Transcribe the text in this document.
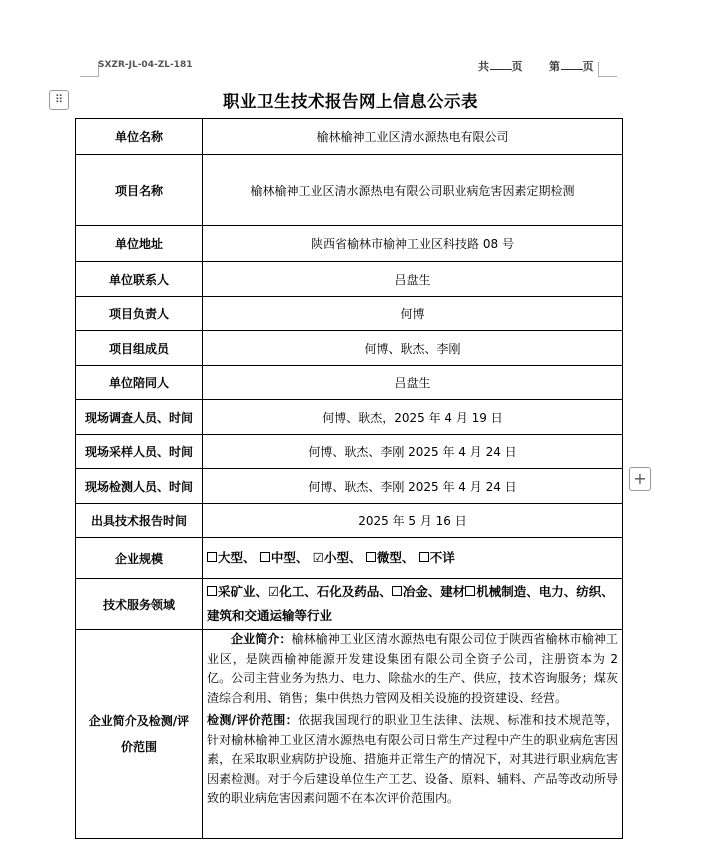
SXZR-JL-04-ZL-181	共 页 第 页
⠿
+
职业卫生技术报告网上信息公示表
单位名称	榆林榆神工业区清水源热电有限公司
项目名称	榆林榆神工业区清水源热电有限公司职业病危害因素定期检测
单位地址	陕西省榆林市榆神工业区科技路 08 号
单位联系人	吕盘生
项目负责人	何博
项目组成员	何博、耿杰、李刚
单位陪同人	吕盘生
现场调查人员、时间	何博、耿杰，2025 年 4 月 19 日
现场采样人员、时间	何博、耿杰、李刚 2025 年 4 月 24 日
现场检测人员、时间	何博、耿杰、李刚 2025 年 4 月 24 日
出具技术报告时间	2025 年 5 月 16 日
企业规模	大型、 中型、 ☑小型、 微型、 不详
技术服务领域	采矿业、☑化工、石化及药品、 冶金、建材 机械制造、电力、纺织、建筑和交通运输等行业
企业简介及检测/评价范围	企业简介：榆林榆神工业区清水源热电有限公司位于陕西省榆林市榆神工业区，是陕西榆神能源开发建设集团有限公司全资子公司，注册资本为 2 亿。公司主营业务为热力、电力、除盐水的生产、供应，技术咨询服务；煤灰渣综合利用、销售；集中供热力管网及相关设施的投资建设、经营。

检测/评价范围：依据我国现行的职业卫生法律、法规、标准和技术规范等，针对榆林榆神工业区清水源热电有限公司日常生产过程中产生的职业病危害因素，在采取职业病防护设施、措施并正常生产的情况下，对其进行职业病危害因素检测。对于今后建设单位生产工艺、设备、原料、辅料、产品等改动所导致的职业病危害因素问题不在本次评价范围内。
